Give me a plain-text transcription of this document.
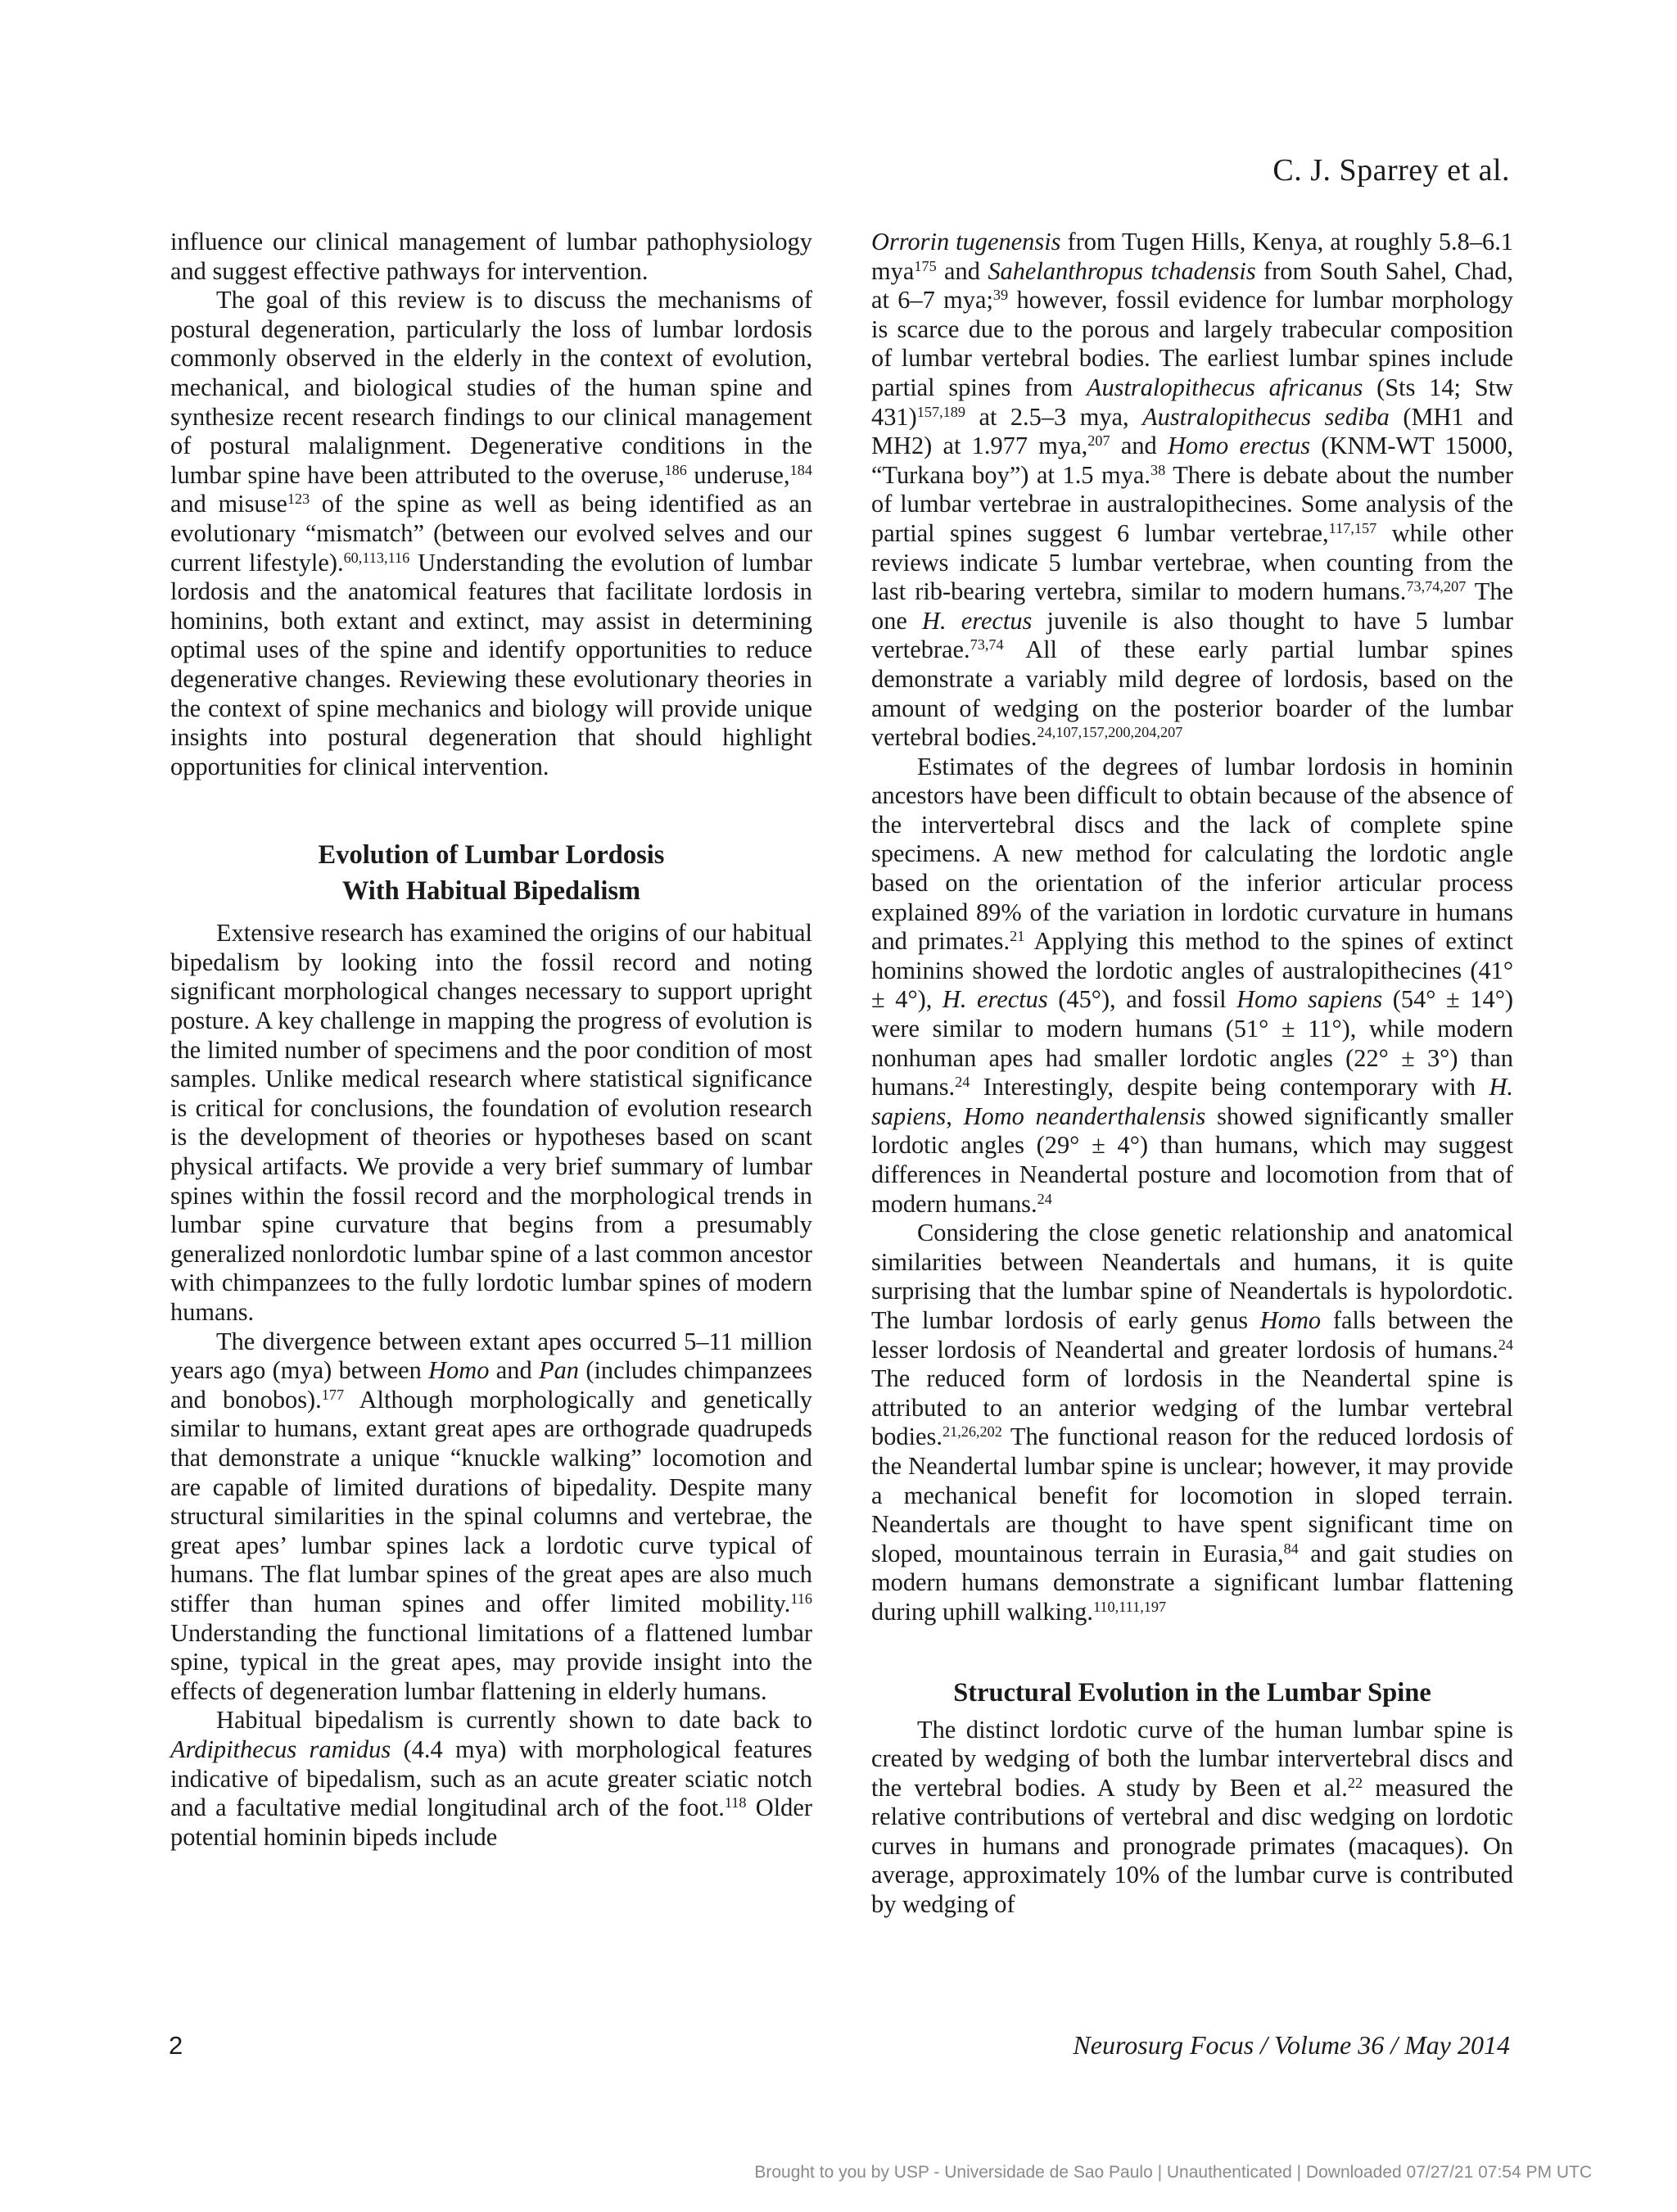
C. J. Sparrey et al.

influence our clinical management of lumbar pathophysiology and suggest effective pathways for intervention.

The goal of this review is to discuss the mechanisms of postural degeneration, particularly the loss of lumbar lordosis commonly observed in the elderly in the context of evolution, mechanical, and biological studies of the human spine and synthesize recent research findings to our clinical management of postural malalignment. Degenerative conditions in the lumbar spine have been attributed to the overuse,$^{186}$ underuse,$^{184}$ and misuse$^{123}$ of the spine as well as being identified as an evolutionary “mismatch” (between our evolved selves and our current lifestyle).$^{60,113,116}$ Understanding the evolution of lumbar lordosis and the anatomical features that facilitate lordosis in hominins, both extant and extinct, may assist in determining optimal uses of the spine and identify opportunities to reduce degenerative changes. Reviewing these evolutionary theories in the context of spine mechanics and biology will provide unique insights into postural degeneration that should highlight opportunities for clinical intervention.

Evolution of Lumbar Lordosis
With Habitual Bipedalism

Extensive research has examined the origins of our habitual bipedalism by looking into the fossil record and noting significant morphological changes necessary to support upright posture. A key challenge in mapping the progress of evolution is the limited number of specimens and the poor condition of most samples. Unlike medical research where statistical significance is critical for conclusions, the foundation of evolution research is the development of theories or hypotheses based on scant physical artifacts. We provide a very brief summary of lumbar spines within the fossil record and the morphological trends in lumbar spine curvature that begins from a presumably generalized nonlordotic lumbar spine of a last common ancestor with chimpanzees to the fully lordotic lumbar spines of modern humans.

The divergence between extant apes occurred 5–11 million years ago (mya) between Homo and Pan (includes chimpanzees and bonobos).$^{177}$ Although morphologically and genetically similar to humans, extant great apes are orthograde quadrupeds that demonstrate a unique “knuckle walking” locomotion and are capable of limited durations of bipedality. Despite many structural similarities in the spinal columns and vertebrae, the great apes’ lumbar spines lack a lordotic curve typical of humans. The flat lumbar spines of the great apes are also much stiffer than human spines and offer limited mobility.$^{116}$ Understanding the functional limitations of a flattened lumbar spine, typical in the great apes, may provide insight into the effects of degeneration lumbar flattening in elderly humans.

Habitual bipedalism is currently shown to date back to Ardipithecus ramidus (4.4 mya) with morphological features indicative of bipedalism, such as an acute greater sciatic notch and a facultative medial longitudinal arch of the foot.$^{118}$ Older potential hominin bipeds include

Orrorin tugenensis from Tugen Hills, Kenya, at roughly 5.8–6.1 mya$^{175}$ and Sahelanthropus tchadensis from South Sahel, Chad, at 6–7 mya;$^{39}$ however, fossil evidence for lumbar morphology is scarce due to the porous and largely trabecular composition of lumbar vertebral bodies. The earliest lumbar spines include partial spines from Australopithecus africanus (Sts 14; Stw 431)$^{157,189}$ at 2.5–3 mya, Australopithecus sediba (MH1 and MH2) at 1.977 mya,$^{207}$ and Homo erectus (KNM-WT 15000, “Turkana boy”) at 1.5 mya.$^{38}$ There is debate about the number of lumbar vertebrae in australopithecines. Some analysis of the partial spines suggest 6 lumbar vertebrae,$^{117,157}$ while other reviews indicate 5 lumbar vertebrae, when counting from the last rib-bearing vertebra, similar to modern humans.$^{73,74,207}$ The one H. erectus juvenile is also thought to have 5 lumbar vertebrae.$^{73,74}$ All of these early partial lumbar spines demonstrate a variably mild degree of lordosis, based on the amount of wedging on the posterior boarder of the lumbar vertebral bodies.$^{24,107,157,200,204,207}$

Estimates of the degrees of lumbar lordosis in hominin ancestors have been difficult to obtain because of the absence of the intervertebral discs and the lack of complete spine specimens. A new method for calculating the lordotic angle based on the orientation of the inferior articular process explained 89% of the variation in lordotic curvature in humans and primates.$^{21}$ Applying this method to the spines of extinct hominins showed the lordotic angles of australopithecines (41° ± 4°), H. erectus (45°), and fossil Homo sapiens (54° ± 14°) were similar to modern humans (51° ± 11°), while modern nonhuman apes had smaller lordotic angles (22° ± 3°) than humans.$^{24}$ Interestingly, despite being contemporary with H. sapiens, Homo neanderthalensis showed significantly smaller lordotic angles (29° ± 4°) than humans, which may suggest differences in Neandertal posture and locomotion from that of modern humans.$^{24}$

Considering the close genetic relationship and anatomical similarities between Neandertals and humans, it is quite surprising that the lumbar spine of Neandertals is hypolordotic. The lumbar lordosis of early genus Homo falls between the lesser lordosis of Neandertal and greater lordosis of humans.$^{24}$ The reduced form of lordosis in the Neandertal spine is attributed to an anterior wedging of the lumbar vertebral bodies.$^{21,26,202}$ The functional reason for the reduced lordosis of the Neandertal lumbar spine is unclear; however, it may provide a mechanical benefit for locomotion in sloped terrain. Neandertals are thought to have spent significant time on sloped, mountainous terrain in Eurasia,$^{84}$ and gait studies on modern humans demonstrate a significant lumbar flattening during uphill walking.$^{110,111,197}$

Structural Evolution in the Lumbar Spine

The distinct lordotic curve of the human lumbar spine is created by wedging of both the lumbar intervertebral discs and the vertebral bodies. A study by Been et al.$^{22}$ measured the relative contributions of vertebral and disc wedging on lordotic curves in humans and pronograde primates (macaques). On average, approximately 10% of the lumbar curve is contributed by wedging of

2	Neurosurg Focus / Volume 36 / May 2014
Brought to you by USP - Universidade de Sao Paulo | Unauthenticated | Downloaded 07/27/21 07:54 PM UTC
